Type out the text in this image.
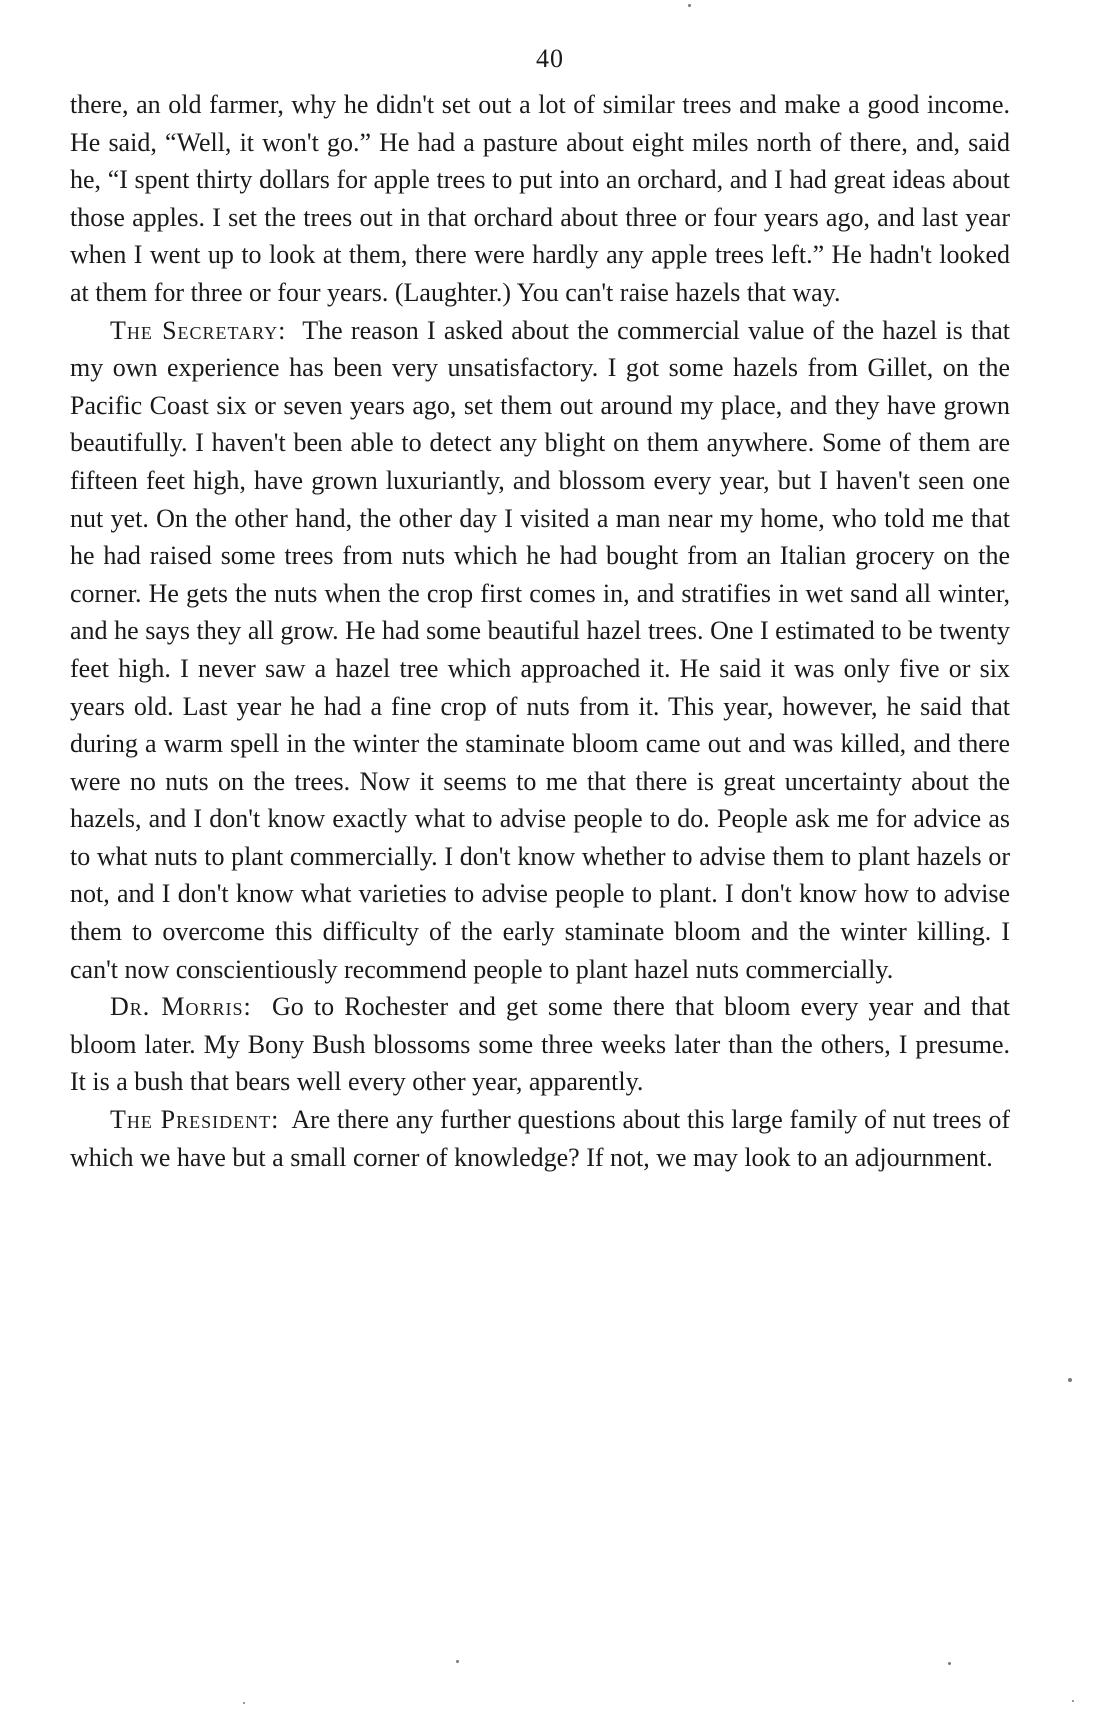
40

there, an old farmer, why he didn't set out a lot of similar trees and make a good income. He said, “Well, it won't go.” He had a pasture about eight miles north of there, and, said he, “I spent thirty dollars for apple trees to put into an orchard, and I had great ideas about those apples. I set the trees out in that orchard about three or four years ago, and last year when I went up to look at them, there were hardly any apple trees left.” He hadn't looked at them for three or four years. (Laughter.) You can't raise hazels that way.

The Secretary: The reason I asked about the commercial value of the hazel is that my own experience has been very unsatisfactory. I got some hazels from Gillet, on the Pacific Coast six or seven years ago, set them out around my place, and they have grown beautifully. I haven't been able to detect any blight on them anywhere. Some of them are fifteen feet high, have grown luxuriantly, and blossom every year, but I haven't seen one nut yet. On the other hand, the other day I visited a man near my home, who told me that he had raised some trees from nuts which he had bought from an Italian grocery on the corner. He gets the nuts when the crop first comes in, and stratifies in wet sand all winter, and he says they all grow. He had some beautiful hazel trees. One I estimated to be twenty feet high. I never saw a hazel tree which approached it. He said it was only five or six years old. Last year he had a fine crop of nuts from it. This year, however, he said that during a warm spell in the winter the staminate bloom came out and was killed, and there were no nuts on the trees. Now it seems to me that there is great uncertainty about the hazels, and I don't know exactly what to advise people to do. People ask me for advice as to what nuts to plant commercially. I don't know whether to advise them to plant hazels or not, and I don't know what varieties to advise people to plant. I don't know how to advise them to overcome this difficulty of the early staminate bloom and the winter killing. I can't now conscientiously recommend people to plant hazel nuts commercially.

Dr. Morris: Go to Rochester and get some there that bloom every year and that bloom later. My Bony Bush blossoms some three weeks later than the others, I presume. It is a bush that bears well every other year, apparently.

The President: Are there any further questions about this large family of nut trees of which we have but a small corner of knowledge? If not, we may look to an adjournment.
